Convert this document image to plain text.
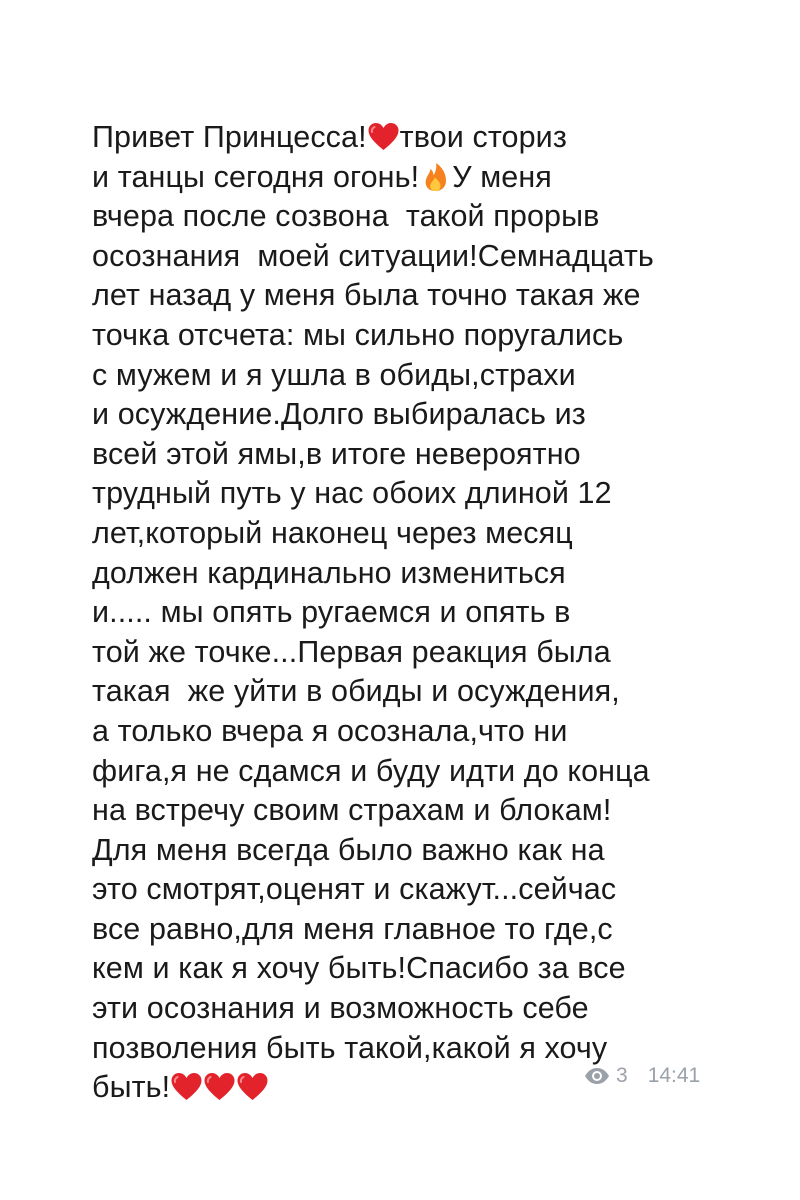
Привет Принцесса! твои сториз
и танцы сегодня огонь! У меня
вчера после созвона  такой прорыв
осознания  моей ситуации!Семнадцать
лет назад у меня была точно такая же
точка отсчета: мы сильно поругались
с мужем и я ушла в обиды,страхи
и осуждение.Долго выбиралась из
всей этой ямы,в итоге невероятно
трудный путь у нас обоих длиной 12
лет,который наконец через месяц
должен кардинально измениться
и..... мы опять ругаемся и опять в
той же точке...Первая реакция была
такая  же уйти в обиды и осуждения,
а только вчера я осознала,что ни
фига,я не сдамся и буду идти до конца
на встречу своим страхам и блокам!
Для меня всегда было важно как на
это смотрят,оценят и скажут...сейчас
все равно,для меня главное то где,с
кем и как я хочу быть!Спасибо за все
эти осознания и возможность себе
позволения быть такой,какой я хочу
быть!	3 14:41
